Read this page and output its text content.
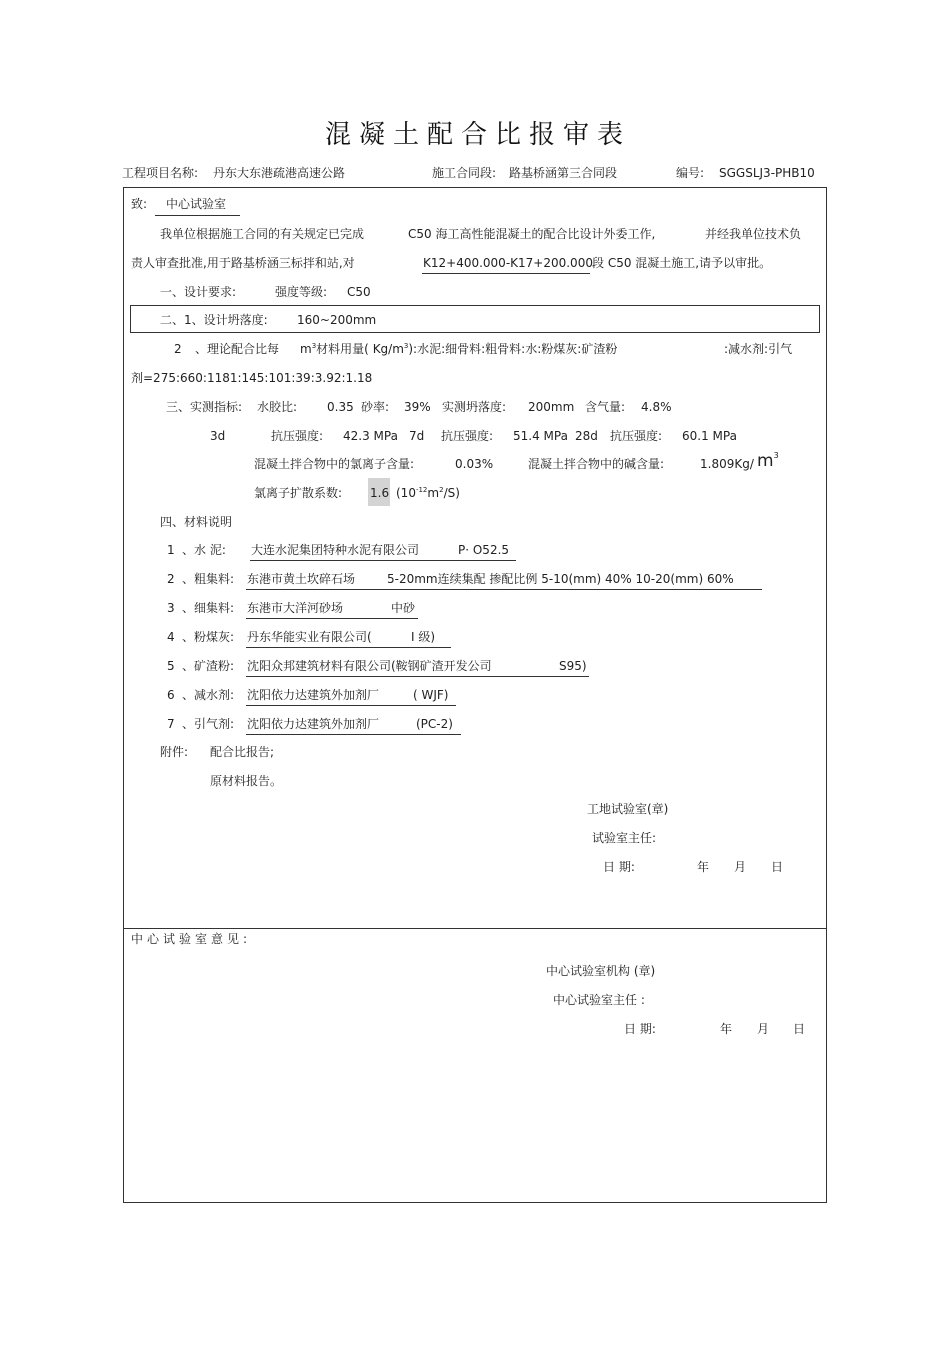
混凝土配合比报审表
工程项目名称: 丹东大东港疏港高速公路	施工合同段: 路基桥涵第三合同段	编号: SGGSLJ3-PHB10
致: 中心试验室
我单位根据施工合同的有关规定已完成	C50 海工高性能混凝土的配合比设计外委工作,	并经我单位技术负
责人审查批准,用于路基桥涵三标拌和站,对	K12+400.000-K17+200.000 段 C50 混凝土施工,请予以审批。
一、设计要求:	强度等级: C50
二、1、设计坍落度: 160~200mm
2 、理论配合比每 $m^3$材料用量( $Kg/m^3$):水泥:细骨料:粗骨料:水:粉煤灰:矿渣粉	:减水剂:引气
剂=275:660:1181:145:101:39:3.92:1.18
三、实测指标: 水胶比: 0.35 砂率: 39% 实测坍落度: 200mm 含气量: 4.8%
3d	抗压强度: 42.3 MPa 7d 抗压强度: 51.4 MPa 28d 抗压强度: 60.1 MPa
混凝土拌合物中的氯离子含量:	0.03%	混凝土拌合物中的碱含量:	1.809Kg/ $m^3$
氯离子扩散系数: 1.6 $(10^{-12}m^2/S)$
四、材料说明
1 、水 泥: 大连水泥集团特种水泥有限公司	P· O52.5
2 、粗集料: 东港市黄土坎碎石场	5-20mm连续集配 掺配比例 5-10(mm) 40% 10-20(mm) 60%
3 、细集料: 东港市大洋河砂场	中砂
4 、粉煤灰: 丹东华能实业有限公司(	Ⅰ 级)
5 、矿渣粉: 沈阳众邦建筑材料有限公司(鞍钢矿渣开发公司	S95)
6 、减水剂: 沈阳依力达建筑外加剂厂	( WJF)
7 、引气剂: 沈阳依力达建筑外加剂厂	(PC-2)
附件: 配合比报告;
原材料报告。
工地试验室(章)
试验室主任:
日 期:	年 月 日
中心试验室意见:
中心试验室机构 (章)
中心试验室主任 :
日 期:	年 月 日
